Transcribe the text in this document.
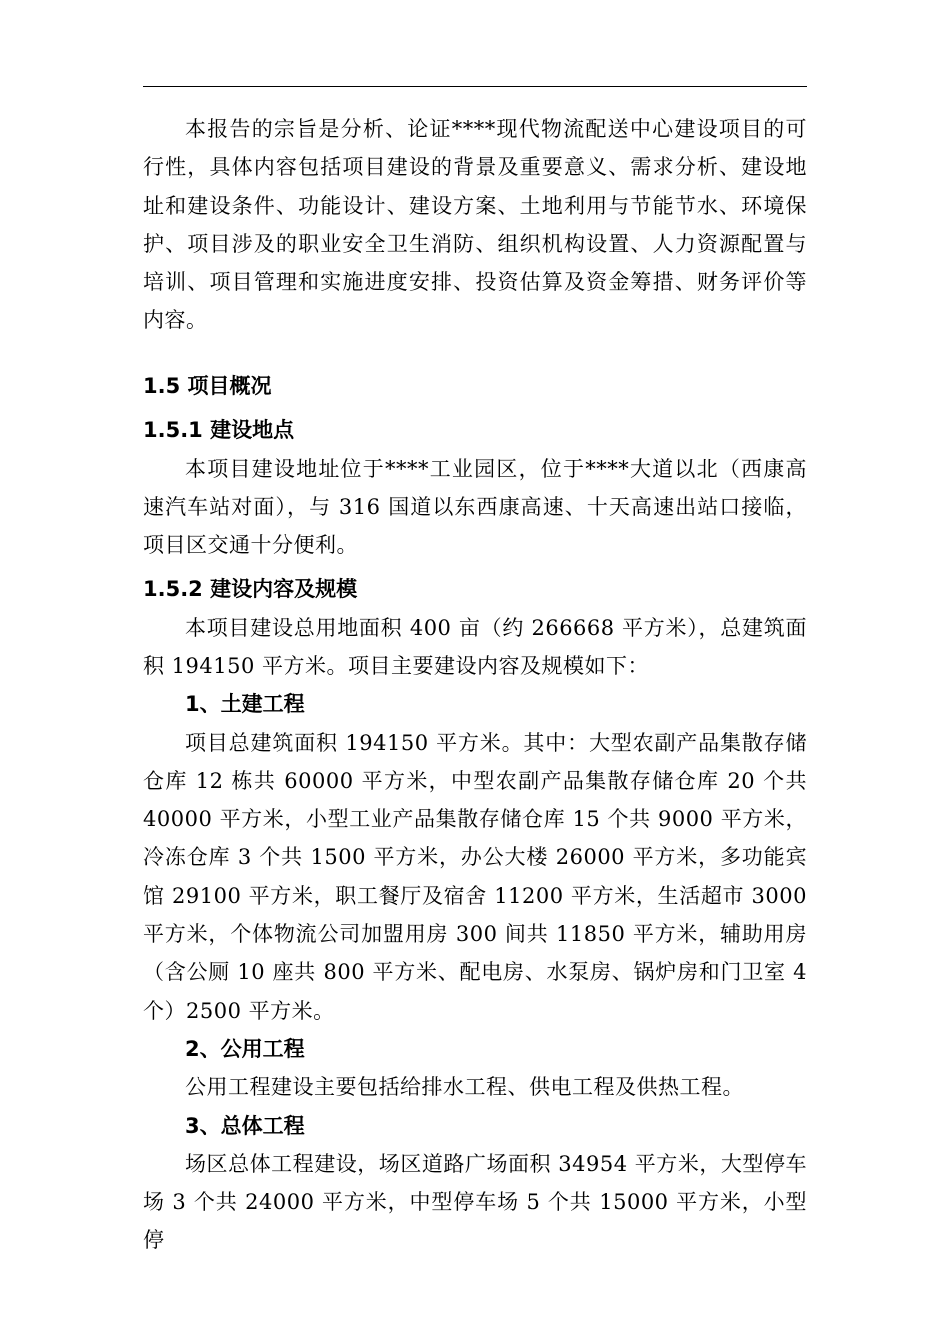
本报告的宗旨是分析、论证****现代物流配送中心建设项目的可行性，具体内容包括项目建设的背景及重要意义、需求分析、建设地址和建设条件、功能设计、建设方案、土地利用与节能节水、环境保护、项目涉及的职业安全卫生消防、组织机构设置、人力资源配置与培训、项目管理和实施进度安排、投资估算及资金筹措、财务评价等内容。

1.5 项目概况
1.5.1 建设地点

本项目建设地址位于****工业园区，位于****大道以北（西康高速汽车站对面），与 316 国道以东西康高速、十天高速出站口接临，项目区交通十分便利。

1.5.2 建设内容及规模

本项目建设总用地面积 400 亩（约 266668 平方米），总建筑面积 194150 平方米。项目主要建设内容及规模如下：

1、土建工程

项目总建筑面积 194150 平方米。其中：大型农副产品集散存储仓库 12 栋共 60000 平方米，中型农副产品集散存储仓库 20 个共 40000 平方米，小型工业产品集散存储仓库 15 个共 9000 平方米，冷冻仓库 3 个共 1500 平方米，办公大楼 26000 平方米，多功能宾馆 29100 平方米，职工餐厅及宿舍 11200 平方米，生活超市 3000 平方米，个体物流公司加盟用房 300 间共 11850 平方米，辅助用房（含公厕 10 座共 800 平方米、配电房、水泵房、锅炉房和门卫室 4 个）2500 平方米。

2、公用工程

公用工程建设主要包括给排水工程、供电工程及供热工程。

3、总体工程

场区总体工程建设，场区道路广场面积 34954 平方米，大型停车场 3 个共 24000 平方米，中型停车场 5 个共 15000 平方米，小型停
